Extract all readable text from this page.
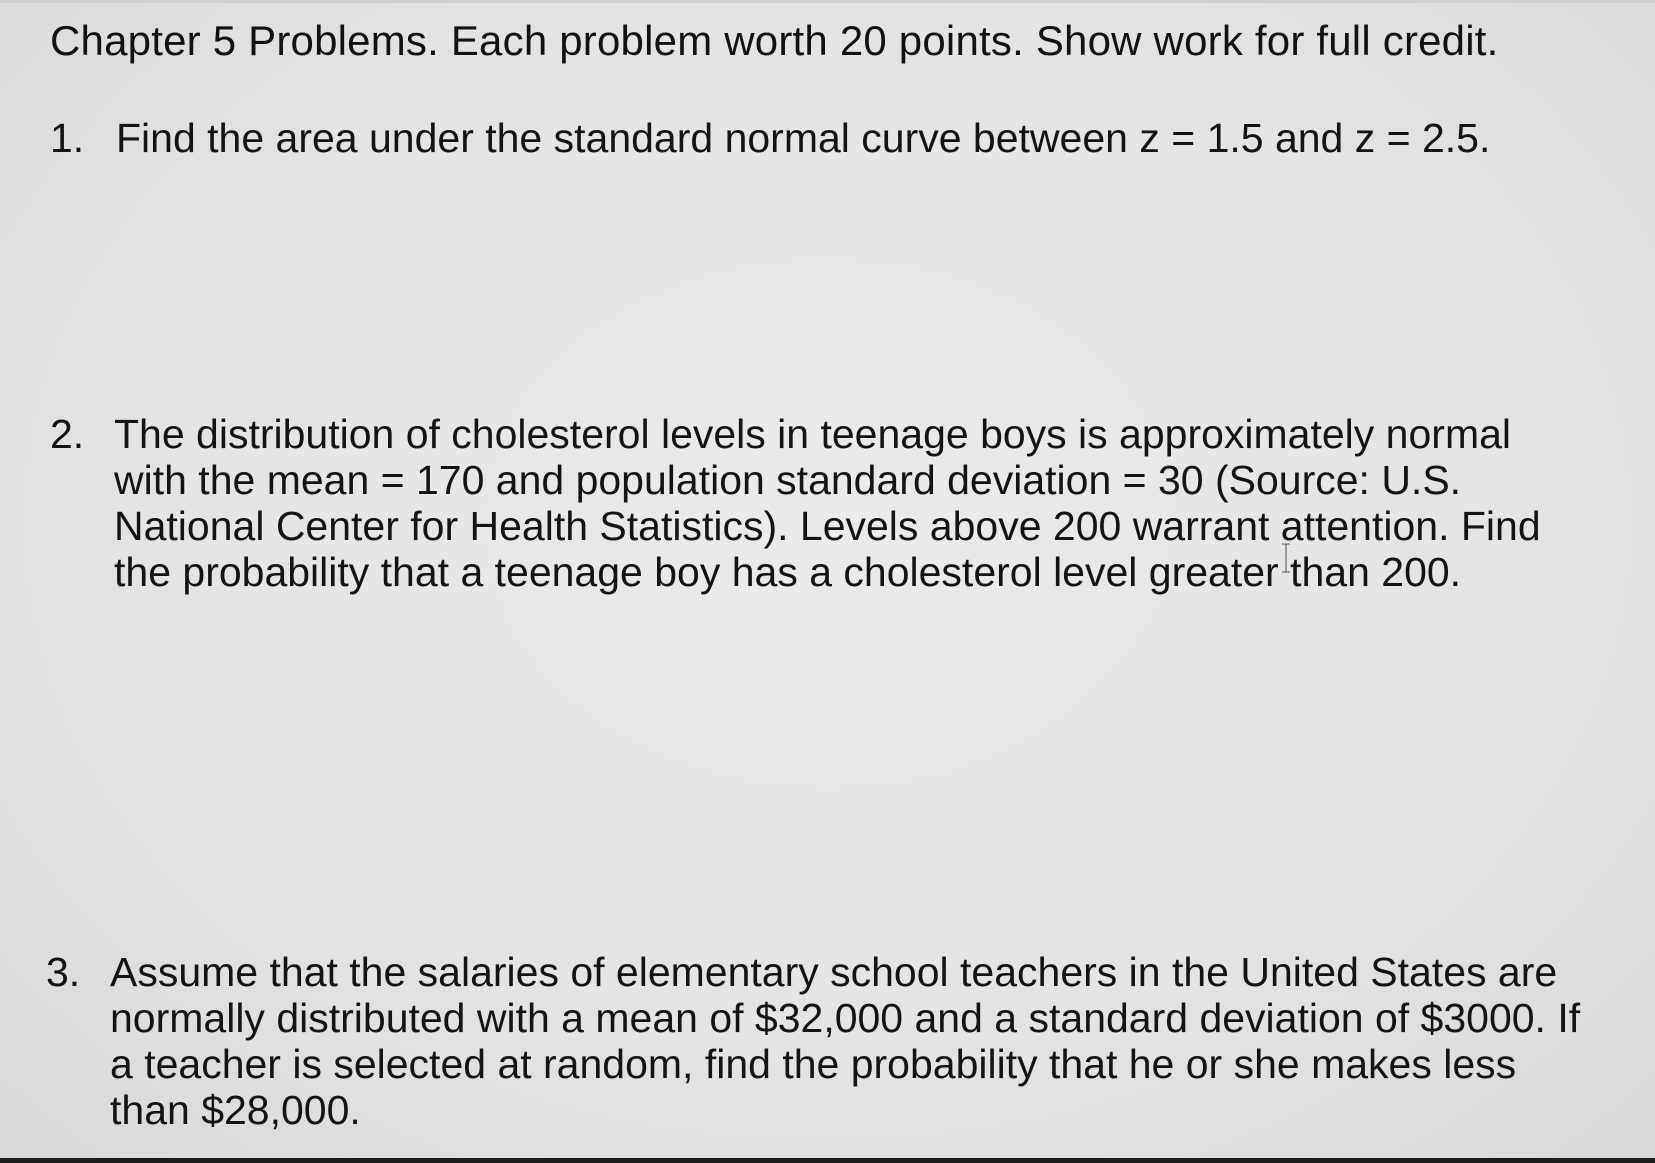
Chapter 5 Problems. Each problem worth 20 points. Show work for full credit.
1. Find the area under the standard normal curve between z = 1.5 and z = 2.5.
2. The distribution of cholesterol levels in teenage boys is approximately normal
with the mean = 170 and population standard deviation = 30 (Source: U.S.
National Center for Health Statistics). Levels above 200 warrant attention. Find
the probability that a teenage boy has a cholesterol level greater than 200.
3. Assume that the salaries of elementary school teachers in the United States are
normally distributed with a mean of $32,000 and a standard deviation of $3000. If
a teacher is selected at random, find the probability that he or she makes less
than $28,000.
